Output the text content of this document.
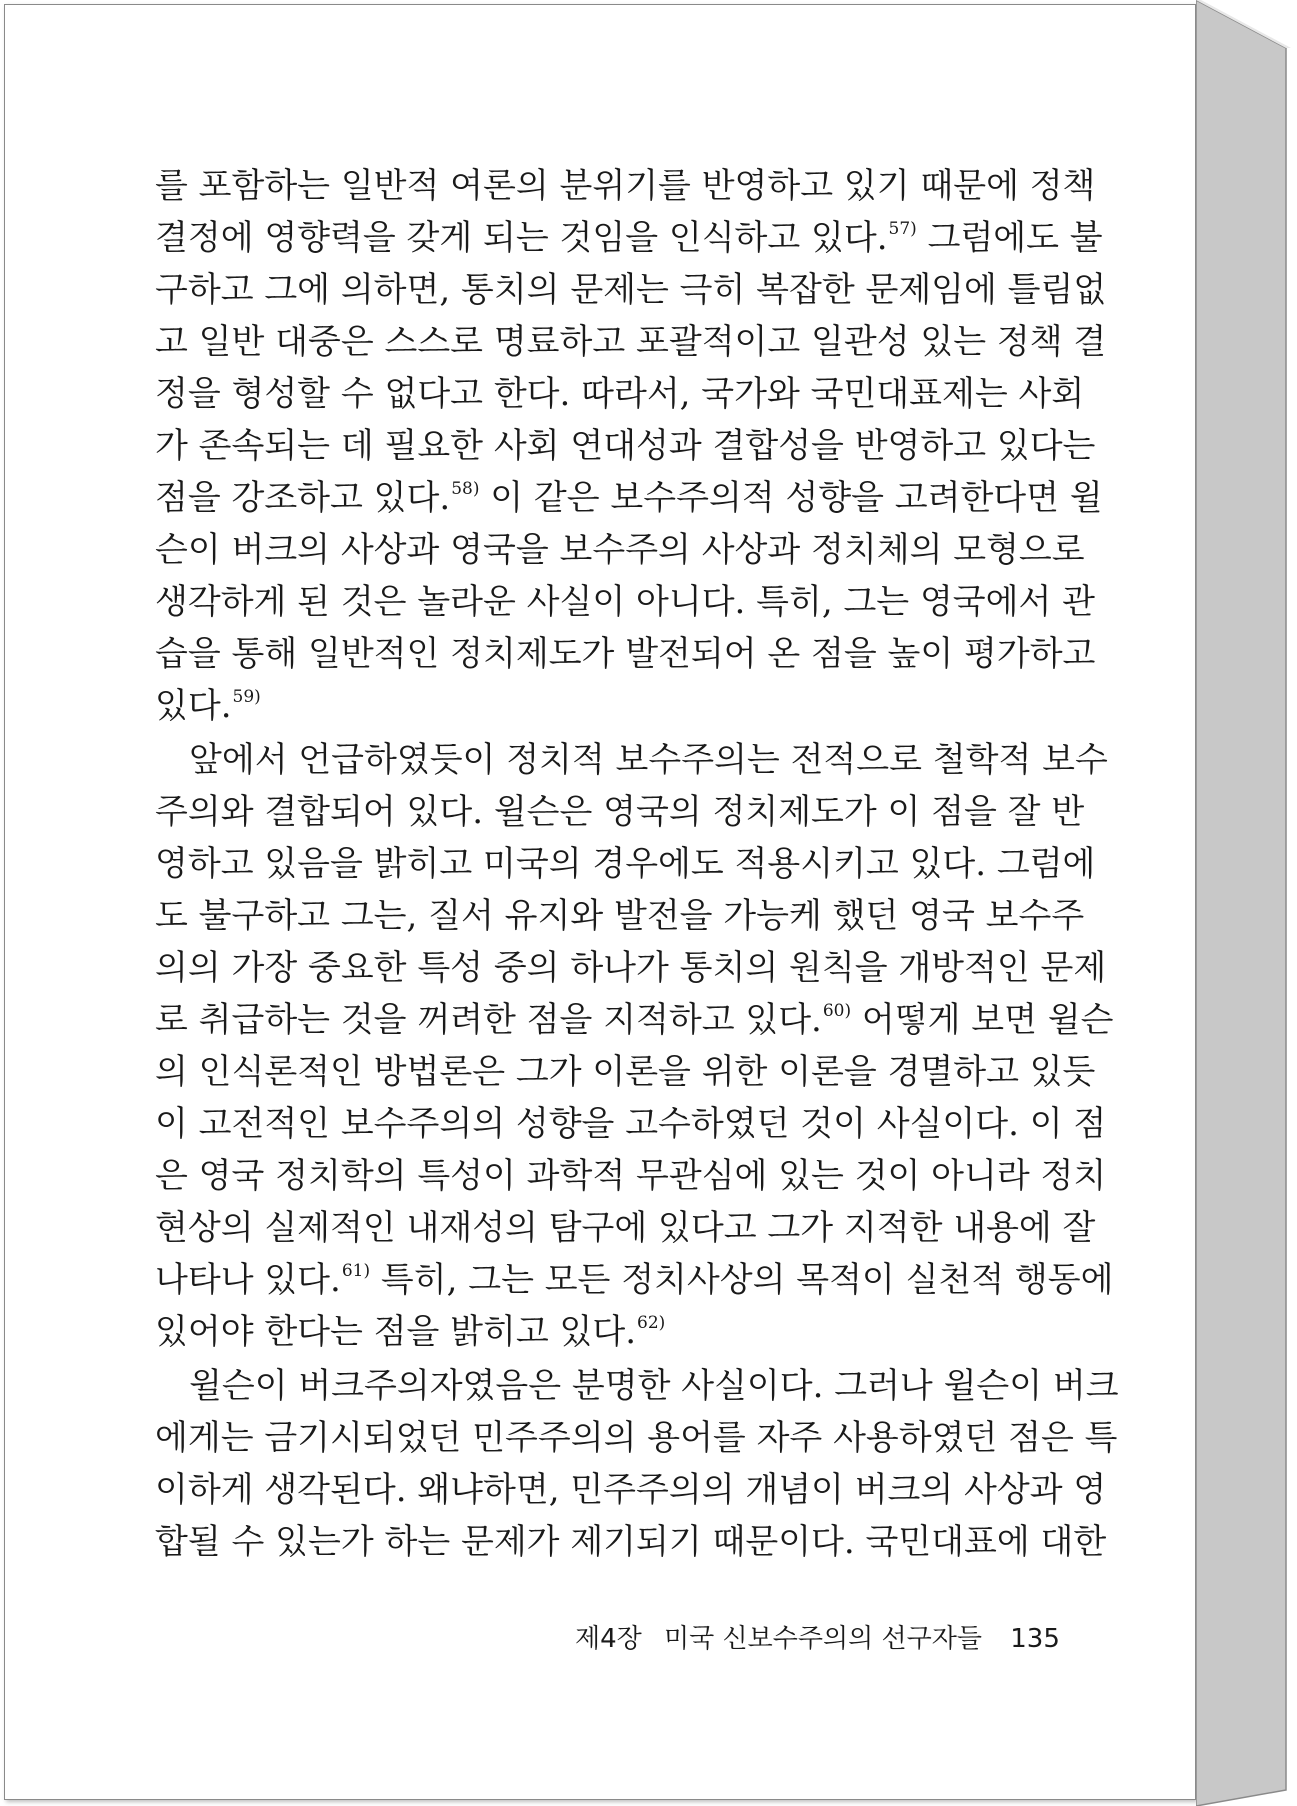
를 포함하는 일반적 여론의 분위기를 반영하고 있기 때문에 정책
결정에 영향력을 갖게 되는 것임을 인식하고 있다.$^{57)}$ 그럼에도 불
구하고 그에 의하면, 통치의 문제는 극히 복잡한 문제임에 틀림없
고 일반 대중은 스스로 명료하고 포괄적이고 일관성 있는 정책 결
정을 형성할 수 없다고 한다. 따라서, 국가와 국민대표제는 사회
가 존속되는 데 필요한 사회 연대성과 결합성을 반영하고 있다는
점을 강조하고 있다.$^{58)}$ 이 같은 보수주의적 성향을 고려한다면 윌
슨이 버크의 사상과 영국을 보수주의 사상과 정치체의 모형으로
생각하게 된 것은 놀라운 사실이 아니다. 특히, 그는 영국에서 관
습을 통해 일반적인 정치제도가 발전되어 온 점을 높이 평가하고
있다.$^{59)}$
앞에서 언급하였듯이 정치적 보수주의는 전적으로 철학적 보수
주의와 결합되어 있다. 윌슨은 영국의 정치제도가 이 점을 잘 반
영하고 있음을 밝히고 미국의 경우에도 적용시키고 있다. 그럼에
도 불구하고 그는, 질서 유지와 발전을 가능케 했던 영국 보수주
의의 가장 중요한 특성 중의 하나가 통치의 원칙을 개방적인 문제
로 취급하는 것을 꺼려한 점을 지적하고 있다.$^{60)}$ 어떻게 보면 윌슨
의 인식론적인 방법론은 그가 이론을 위한 이론을 경멸하고 있듯
이 고전적인 보수주의의 성향을 고수하였던 것이 사실이다. 이 점
은 영국 정치학의 특성이 과학적 무관심에 있는 것이 아니라 정치
현상의 실제적인 내재성의 탐구에 있다고 그가 지적한 내용에 잘
나타나 있다.$^{61)}$ 특히, 그는 모든 정치사상의 목적이 실천적 행동에
있어야 한다는 점을 밝히고 있다.$^{62)}$
윌슨이 버크주의자였음은 분명한 사실이다. 그러나 윌슨이 버크
에게는 금기시되었던 민주주의의 용어를 자주 사용하였던 점은 특
이하게 생각된다. 왜냐하면, 민주주의의 개념이 버크의 사상과 영
합될 수 있는가 하는 문제가 제기되기 때문이다. 국민대표에 대한
제4장 미국 신보수주의의 선구자들 135
